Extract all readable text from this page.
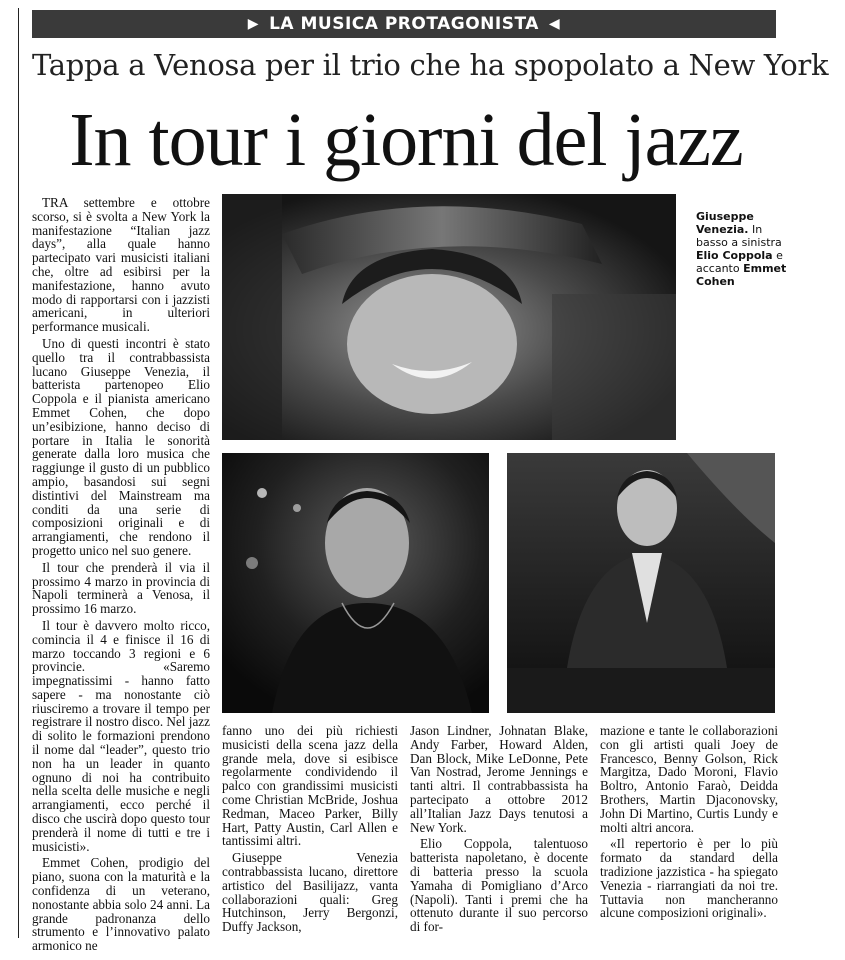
▶ LA MUSICA PROTAGONISTA ◀
Tappa a Venosa per il trio che ha spopolato a New York
In tour i giorni del jazz

TRA settembre e ottobre scorso, si è svolta a New York la manifestazione “Italian jazz days”, alla quale hanno partecipato vari musicisti italiani che, oltre ad esibirsi per la manifestazione, hanno avuto modo di rapportarsi con i jazzisti americani, in ulteriori performance musicali.

Uno di questi incontri è stato quello tra il contrabbassista lucano Giuseppe Venezia, il batterista partenopeo Elio Coppola e il pianista americano Emmet Cohen, che dopo un’esibizione, hanno deciso di portare in Italia le sonorità generate dalla loro musica che raggiunge il gusto di un pubblico ampio, basandosi sui segni distintivi del Mainstream ma conditi da una serie di composizioni originali e di arrangiamenti, che rendono il progetto unico nel suo genere.

Il tour che prenderà il via il prossimo 4 marzo in provincia di Napoli terminerà a Venosa, il prossimo 16 marzo.

Il tour è davvero molto ricco, comincia il 4 e finisce il 16 di marzo toccando 3 regioni e 6 provincie. «Saremo impegnatissimi - hanno fatto sapere - ma nonostante ciò riusciremo a trovare il tempo per registrare il nostro disco. Nel jazz di solito le formazioni prendono il nome dal “leader”, questo trio non ha un leader in quanto ognuno di noi ha contribuito nella scelta delle musiche e negli arrangiamenti, ecco perché il disco che uscirà dopo questo tour prenderà il nome di tutti e tre i musicisti».

Emmet Cohen, prodigio del piano, suona con la maturità e la confidenza di un veterano, nonostante abbia solo 24 anni. La grande padronanza dello strumento e l’innovativo palato armonico ne

Giuseppe Venezia. In basso a sinistra Elio Coppola e accanto Emmet Cohen

fanno uno dei più richiesti musicisti della scena jazz della grande mela, dove si esibisce regolarmente condividendo il palco con grandissimi musicisti come Christian McBride, Joshua Redman, Maceo Parker, Billy Hart, Patty Austin, Carl Allen e tantissimi altri.

Giuseppe Venezia contrabbassista lucano, direttore artistico del Basilijazz, vanta collaborazioni quali: Greg Hutchinson, Jerry Bergonzi, Duffy Jackson,

Jason Lindner, Johnatan Blake, Andy Farber, Howard Alden, Dan Block, Mike LeDonne, Pete Van Nostrad, Jerome Jennings e tanti altri. Il contrabbassista ha partecipato a ottobre 2012 all’Italian Jazz Days tenutosi a New York.

Elio Coppola, talentuoso batterista napoletano, è docente di batteria presso la scuola Yamaha di Pomigliano d’Arco (Napoli). Tanti i premi che ha ottenuto durante il suo percorso di for-

mazione e tante le collaborazioni con gli artisti quali Joey de Francesco, Benny Golson, Rick Margitza, Dado Moroni, Flavio Boltro, Antonio Faraò, Deidda Brothers, Martin Djaconovsky, John Di Martino, Curtis Lundy e molti altri ancora.

«Il repertorio è per lo più formato da standard della tradizione jazzistica - ha spiegato Venezia - riarrangiati da noi tre. Tuttavia non mancheranno alcune composizioni originali».
